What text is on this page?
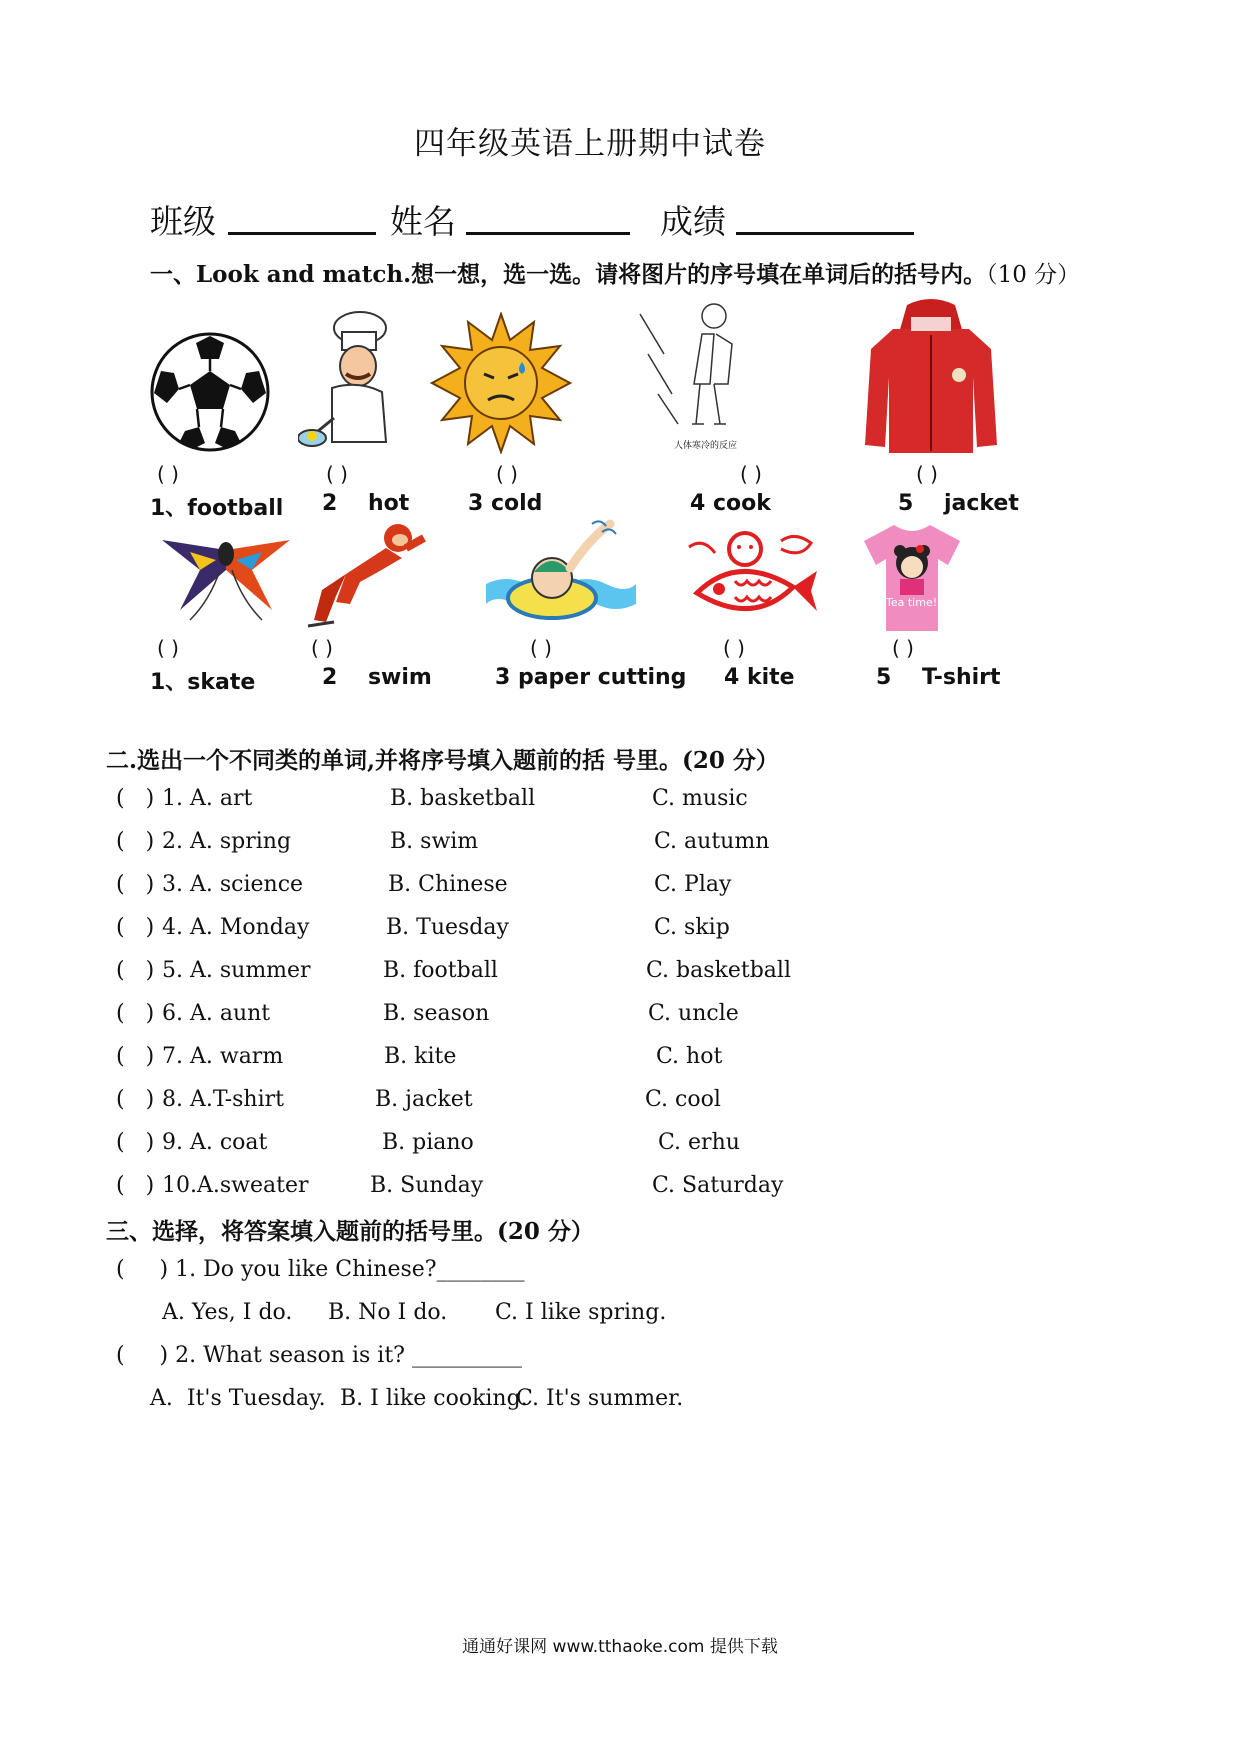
四年级英语上册期中试卷
班级	姓名	成绩
一、Look and match.想一想，选一选。请将图片的序号填在单词后的括号内。（10 分）
人体寒冷的反应
( )	( )	( )	( )	( )
1、football 2    hot	3 cold	4 cook	5    jacket
Tea time!
( )	( )	( )	( )	( )
1、skate	2    swim	3 paper cutting 4 kite	5    T-shirt
二.选出一个不同类的单词,并将序号填入题前的括 号里。(20 分）
(   ) 1. A. art	B. basketball	C. music
(   ) 2. A. spring	B. swim	C. autumn
(   ) 3. A. science	B. Chinese	C. Play
(   ) 4. A. Monday	B. Tuesday	C. skip
(   ) 5. A. summer	B. football	C. basketball
(   ) 6. A. aunt	B. season	C. uncle
(   ) 7. A. warm	B. kite	C. hot
(   ) 8. A.T-shirt	B. jacket	C. cool
(   ) 9. A. coat	B. piano	C. erhu
(   ) 10.A.sweater	B. Sunday	C. Saturday
三、选择，将答案填入题前的括号里。(20 分）
(     ) 1. Do you like Chinese?________
A. Yes, I do. B. No I do. C. I like spring.
(     ) 2. What season is it? __________
A.  It's Tuesday. B. I like cooking.
C. It's summer.
通通好课网 www.tthaoke.com 提供下载
